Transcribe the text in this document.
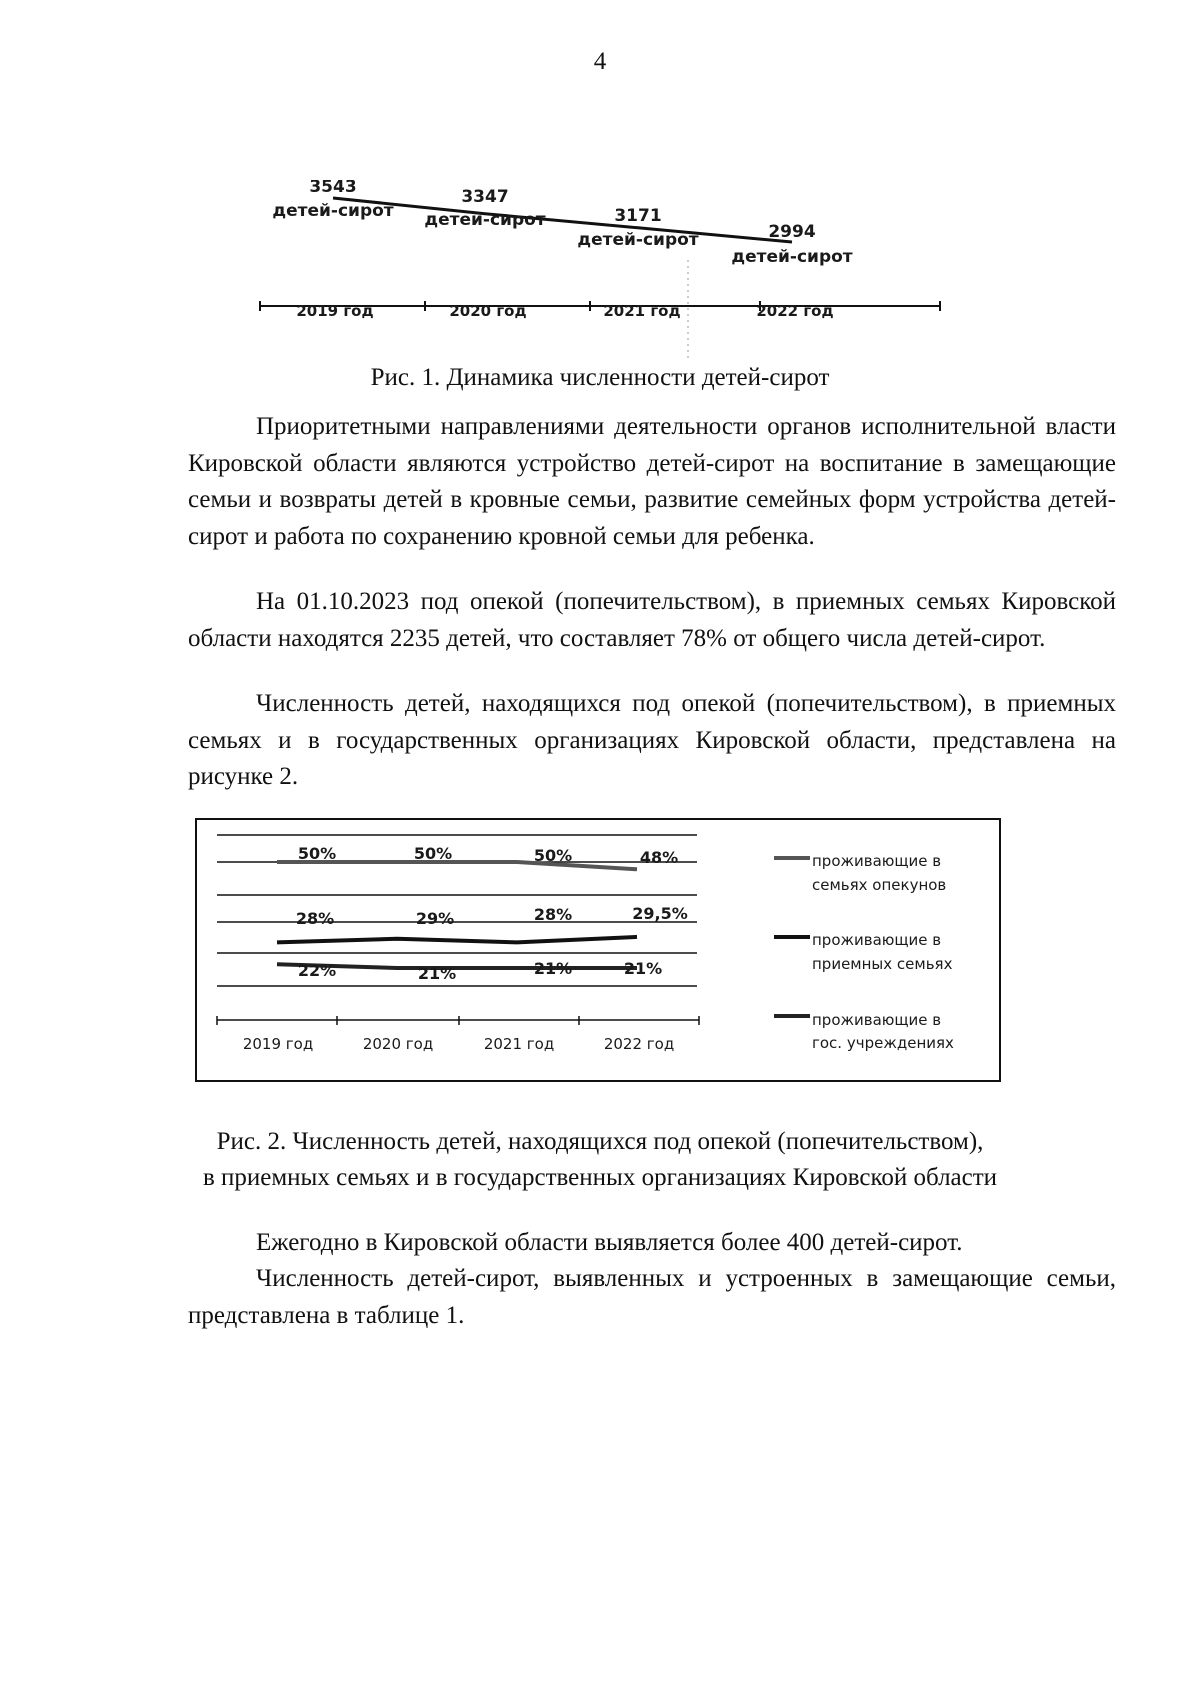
4
3543
детей-сирот
3347
детей-сирот	3171
детей-сирот	2994
детей-сирот
2019 год	2020 год	2021 год	2022 год
Рис. 1. Динамика численности детей-сирот

Приоритетными направлениями деятельности органов исполнительной власти Кировской области являются устройство детей-сирот на воспитание в замещающие семьи и возвраты детей в кровные семьи, развитие семейных форм устройства детей-сирот и работа по сохранению кровной семьи для ребенка.

На 01.10.2023 под опекой (попечительством), в приемных семьях Кировской области находятся 2235 детей, что составляет 78% от общего числа детей-сирот.

Численность детей, находящихся под опекой (попечительством), в приемных семьях и в государственных организациях Кировской области, представлена на рисунке 2.

50%	50%	50%	48%
28%	29%	28%	29,5%
22%	21%	21%	21%
2019 год	2020 год	2021 год	2022 год
проживающие в
семьях опекунов
проживающие в
приемных семьях
проживающие в
гос. учреждениях
Рис. 2. Численность детей, находящихся под опекой (попечительством),
в приемных семьях и в государственных организациях Кировской области

Ежегодно в Кировской области выявляется более 400 детей-сирот.

Численность детей-сирот, выявленных и устроенных в замещающие семьи, представлена в таблице 1.
